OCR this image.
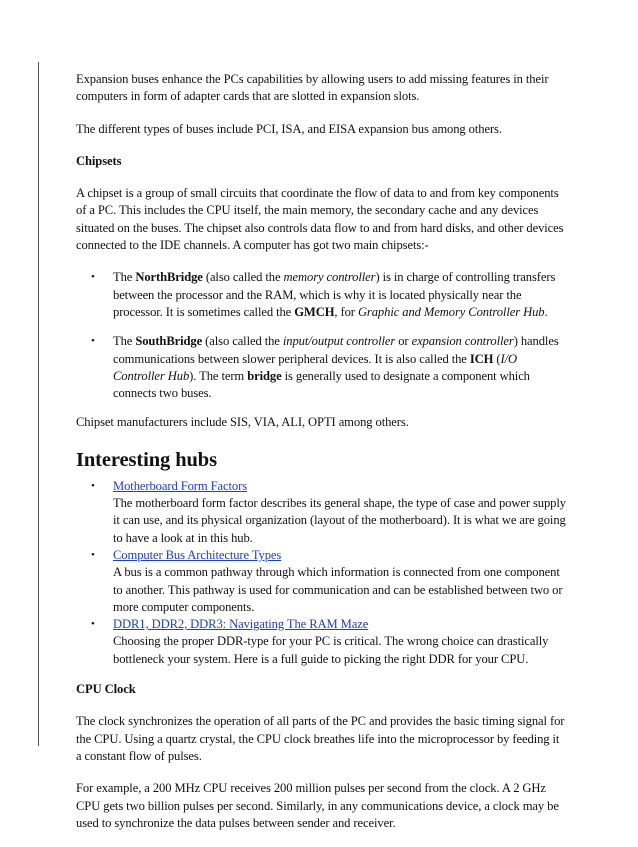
Expansion buses enhance the PCs capabilities by allowing users to add missing features in their computers in form of adapter cards that are slotted in expansion slots.

The different types of buses include PCI, ISA, and EISA expansion bus among others.

Chipsets

A chipset is a group of small circuits that coordinate the flow of data to and from key components of a PC. This includes the CPU itself, the main memory, the secondary cache and any devices situated on the buses. The chipset also controls data flow to and from hard disks, and other devices connected to the IDE channels. A computer has got two main chipsets:-

• The NorthBridge (also called the memory controller) is in charge of controlling transfers between the processor and the RAM, which is why it is located physically near the processor. It is sometimes called the GMCH, for Graphic and Memory Controller Hub.
• The SouthBridge (also called the input/output controller or expansion controller) handles communications between slower peripheral devices. It is also called the ICH (I/O Controller Hub). The term bridge is generally used to designate a component which connects two buses.

Chipset manufacturers include SIS, VIA, ALI, OPTI among others.

Interesting hubs
• Motherboard Form Factors
The motherboard form factor describes its general shape, the type of case and power supply it can use, and its physical organization (layout of the motherboard). It is what we are going to have a look at in this hub.
• Computer Bus Architecture Types
A bus is a common pathway through which information is connected from one component to another. This pathway is used for communication and can be established between two or more computer components.
• DDR1, DDR2, DDR3: Navigating The RAM Maze
Choosing the proper DDR-type for your PC is critical. The wrong choice can drastically bottleneck your system. Here is a full guide to picking the right DDR for your CPU.
CPU Clock

The clock synchronizes the operation of all parts of the PC and provides the basic timing signal for the CPU. Using a quartz crystal, the CPU clock breathes life into the microprocessor by feeding it a constant flow of pulses.

For example, a 200 MHz CPU receives 200 million pulses per second from the clock. A 2 GHz CPU gets two billion pulses per second. Similarly, in any communications device, a clock may be used to synchronize the data pulses between sender and receiver.
